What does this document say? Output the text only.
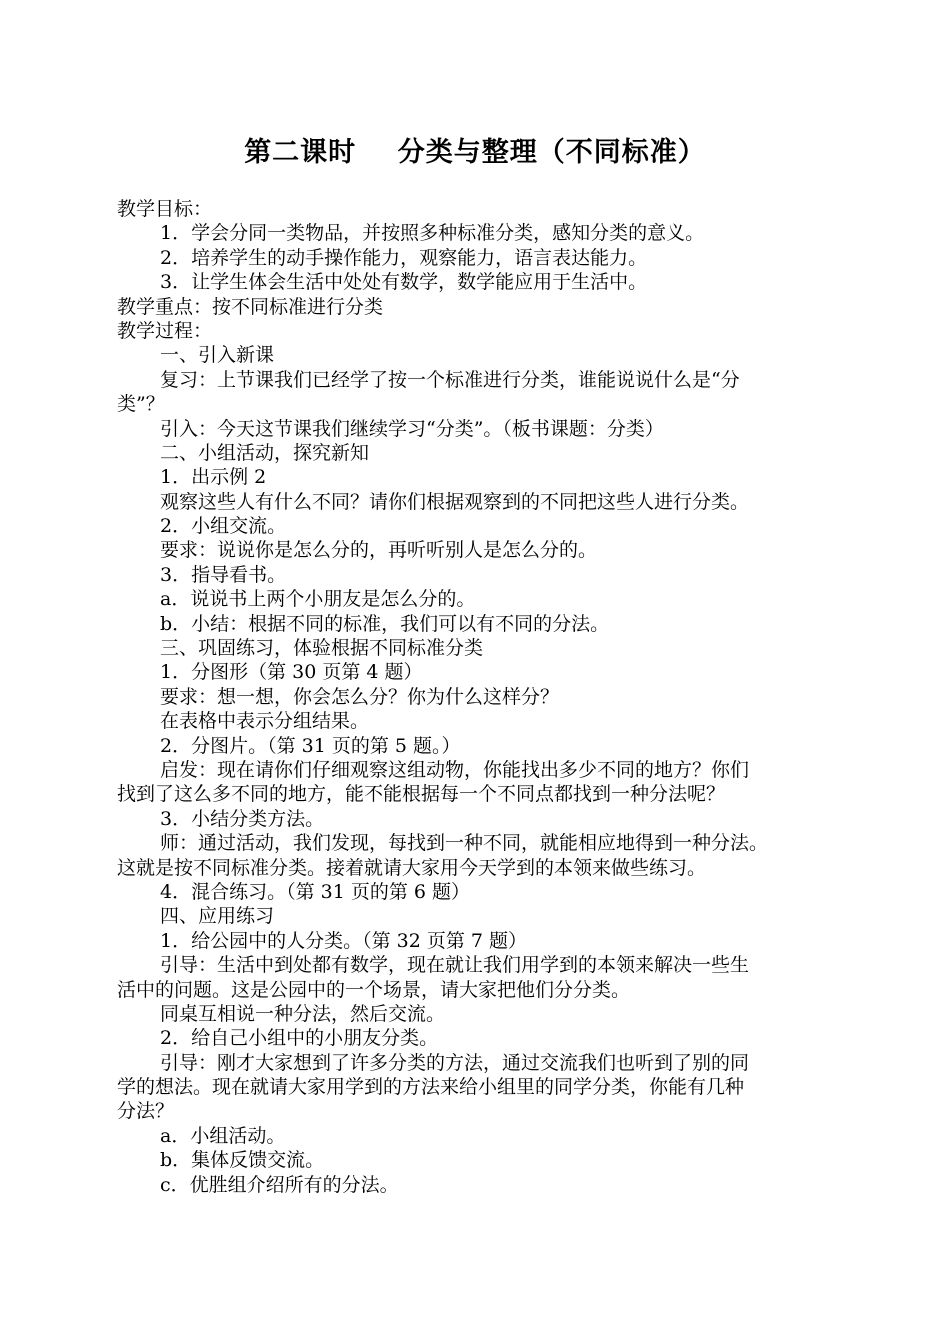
第二课时    分类与整理（不同标准）
教学目标：
1．学会分同一类物品，并按照多种标准分类，感知分类的意义。
2．培养学生的动手操作能力，观察能力，语言表达能力。
3．让学生体会生活中处处有数学，数学能应用于生活中。
教学重点：按不同标准进行分类
教学过程：
一、引入新课
复习：上节课我们已经学了按一个标准进行分类，谁能说说什么是“分
类”？
引入：今天这节课我们继续学习“分类”。（板书课题：分类）
二、小组活动，探究新知
1．出示例 2
观察这些人有什么不同？请你们根据观察到的不同把这些人进行分类。
2．小组交流。
要求：说说你是怎么分的，再听听别人是怎么分的。
3．指导看书。
a．说说书上两个小朋友是怎么分的。
b．小结：根据不同的标准，我们可以有不同的分法。
三、巩固练习，体验根据不同标准分类
1．分图形（第 30 页第 4 题）
要求：想一想，你会怎么分？你为什么这样分？
在表格中表示分组结果。
2．分图片。（第 31 页的第 5 题。）
启发：现在请你们仔细观察这组动物，你能找出多少不同的地方？你们
找到了这么多不同的地方，能不能根据每一个不同点都找到一种分法呢？
3．小结分类方法。
师：通过活动，我们发现，每找到一种不同，就能相应地得到一种分法。
这就是按不同标准分类。接着就请大家用今天学到的本领来做些练习。
4．混合练习。（第 31 页的第 6 题）
四、应用练习
1．给公园中的人分类。（第 32 页第 7 题）
引导：生活中到处都有数学，现在就让我们用学到的本领来解决一些生
活中的问题。这是公园中的一个场景，请大家把他们分分类。
同桌互相说一种分法，然后交流。
2．给自己小组中的小朋友分类。
引导：刚才大家想到了许多分类的方法，通过交流我们也听到了别的同
学的想法。现在就请大家用学到的方法来给小组里的同学分类，你能有几种
分法？
a．小组活动。
b．集体反馈交流。
c．优胜组介绍所有的分法。
